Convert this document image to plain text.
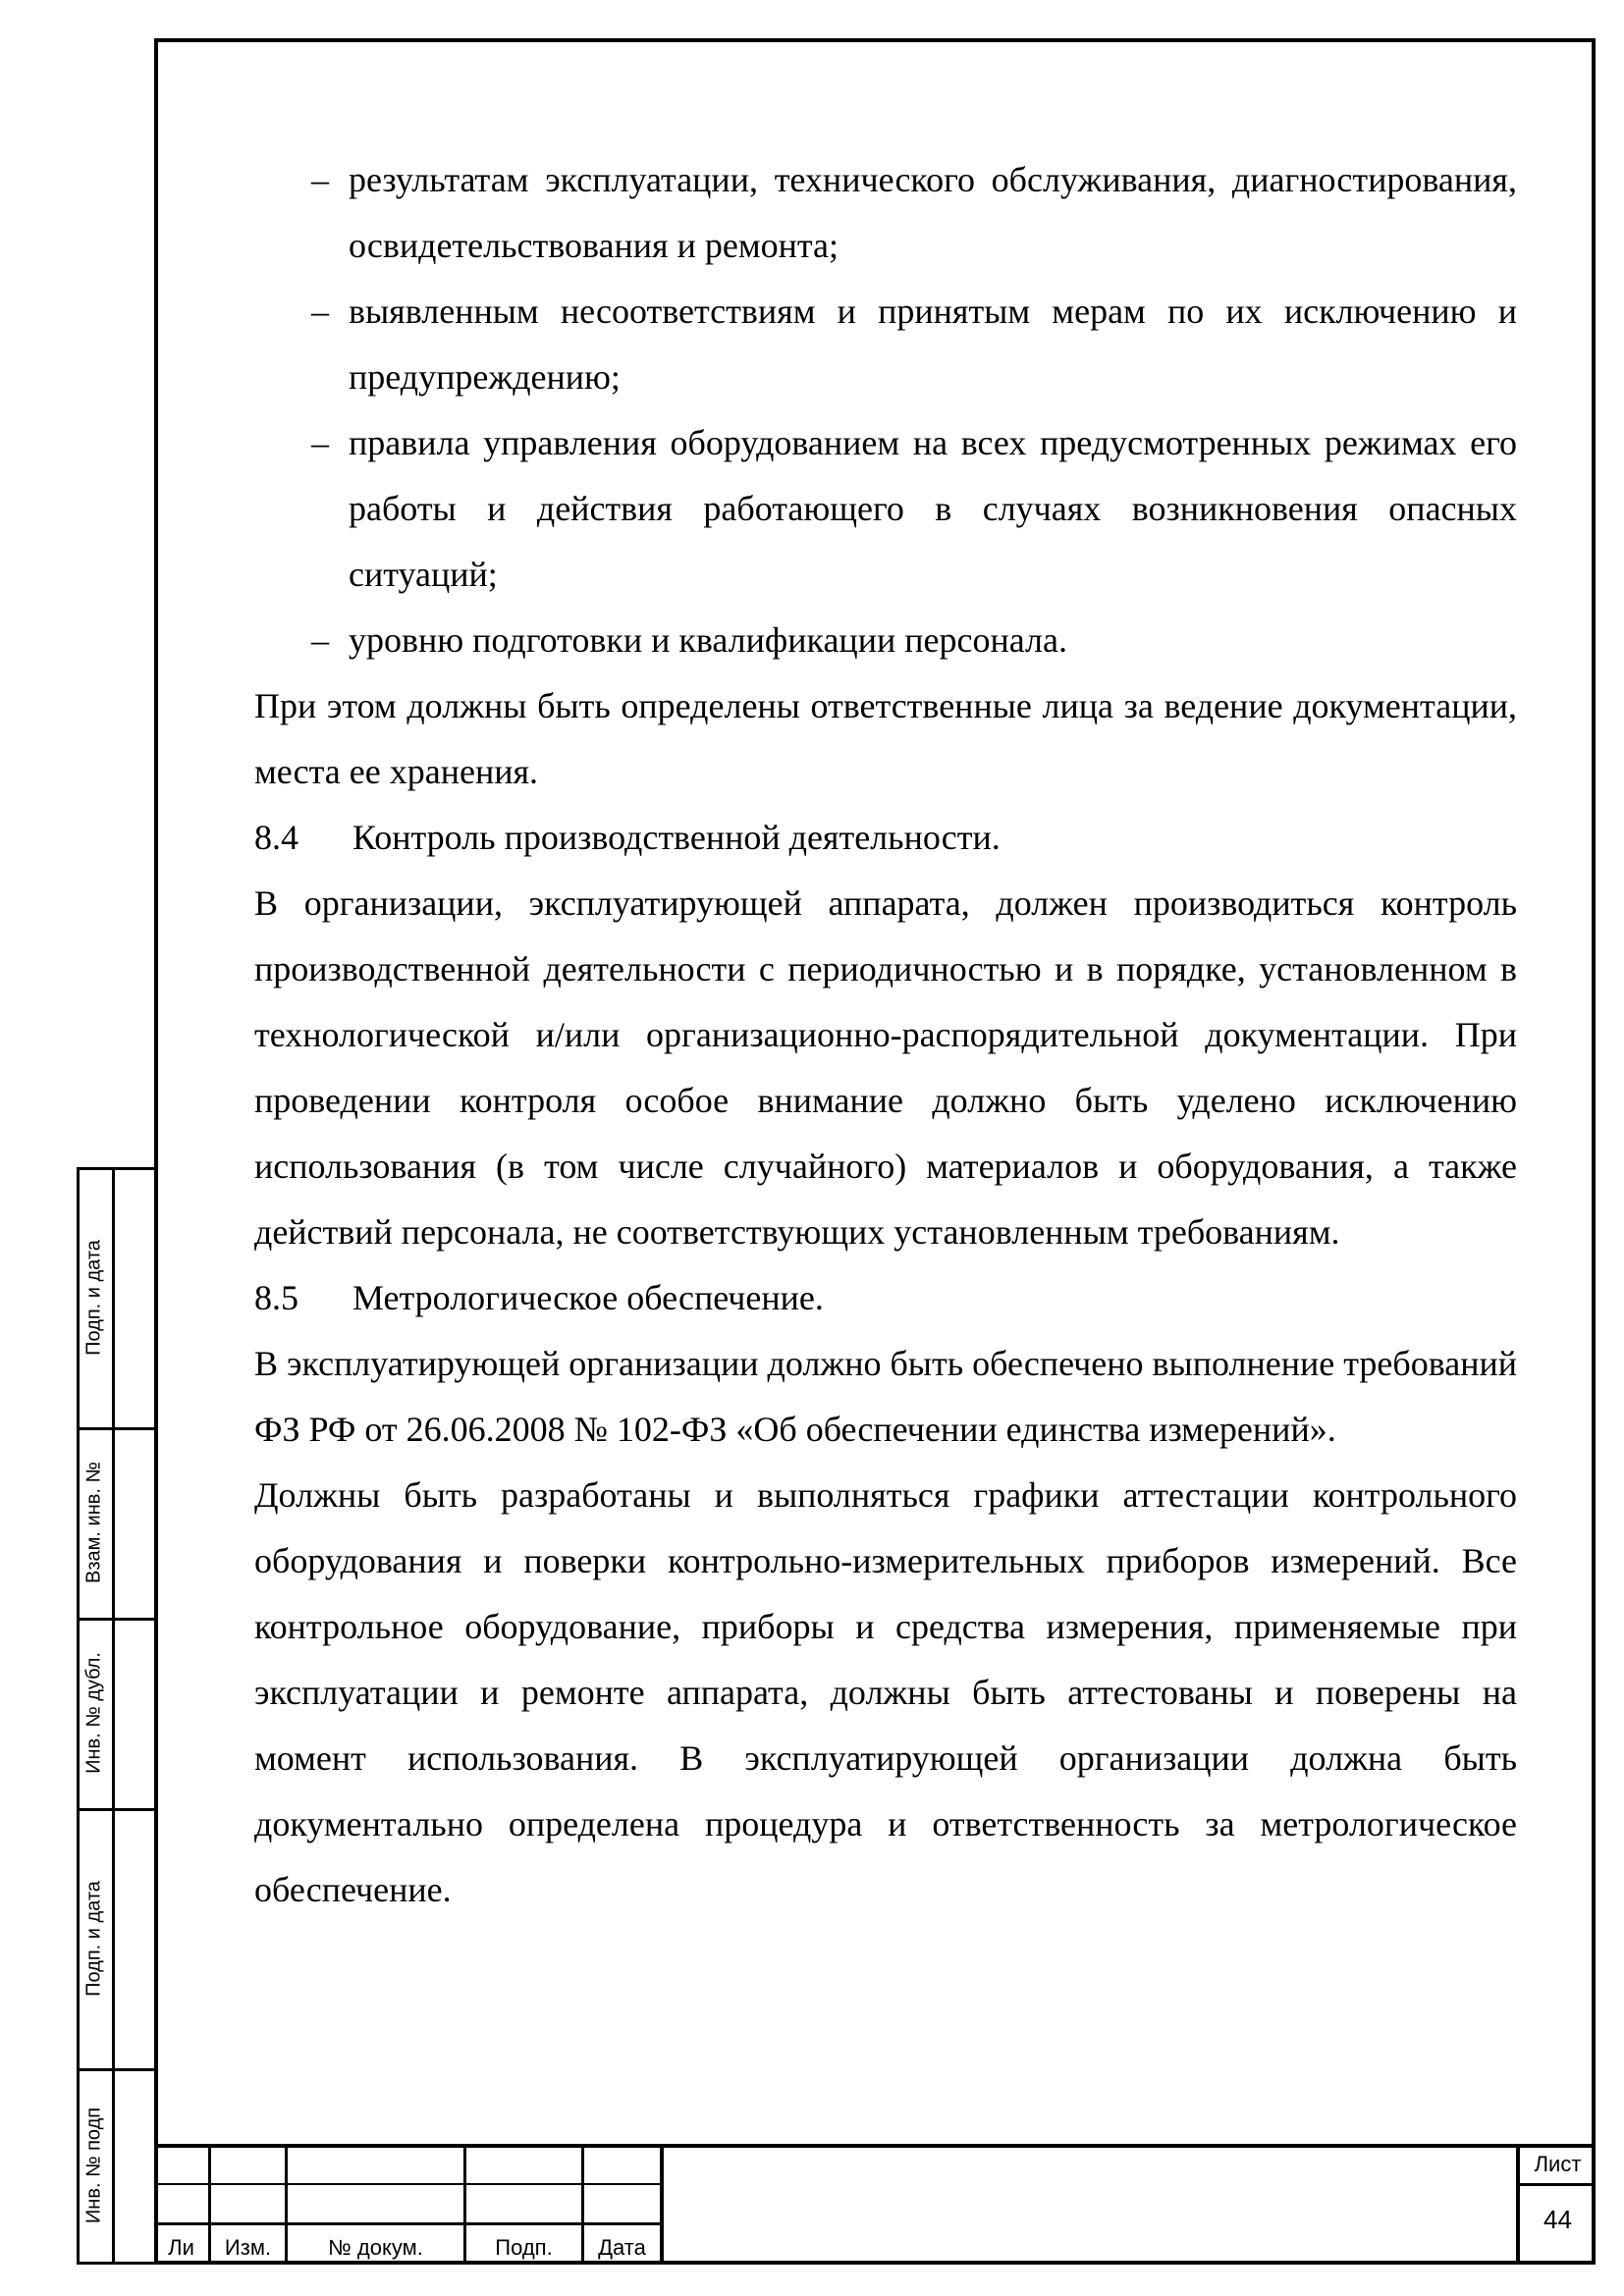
– результатам эксплуатации, технического обслуживания, диагностирования, освидетельствования и ремонта;
– выявленным несоответствиям и принятым мерам по их исключению и предупреждению;
– правила управления оборудованием на всех предусмотренных режимах его работы и действия работающего в случаях возникновения опасных ситуаций;
– уровню подготовки и квалификации персонала.

При этом должны быть определены ответственные лица за ведение документации, места ее хранения.

8.4 Контроль производственной деятельности.

В организации, эксплуатирующей аппарата, должен производиться контроль производственной деятельности с периодичностью и в порядке, установленном в технологической и/или организационно-распорядительной документации. При проведении контроля особое внимание должно быть уделено исключению использования (в том числе случайного) материалов и оборудования, а также действий персонала, не соответствующих установленным требованиям.

8.5 Метрологическое обеспечение.

В эксплуатирующей организации должно быть обеспечено выполнение требований ФЗ РФ от 26.06.2008 № 102-ФЗ «Об обеспечении единства измерений».

Должны быть разработаны и выполняться графики аттестации контрольного оборудования и поверки контрольно-измерительных приборов измерений. Все контрольное оборудование, приборы и средства измерения, применяемые при эксплуатации и ремонте аппарата, должны быть аттестованы и поверены на момент использования. В эксплуатирующей организации должна быть документально определена процедура и ответственность за метрологическое обеспечение.

Подп. и дата
Взам. инв. №
Инв. № дубл.
Подп. и дата
Инв. № подп
Ли	Изм.	№ докум.	Подп.	Дата
Лист
44
